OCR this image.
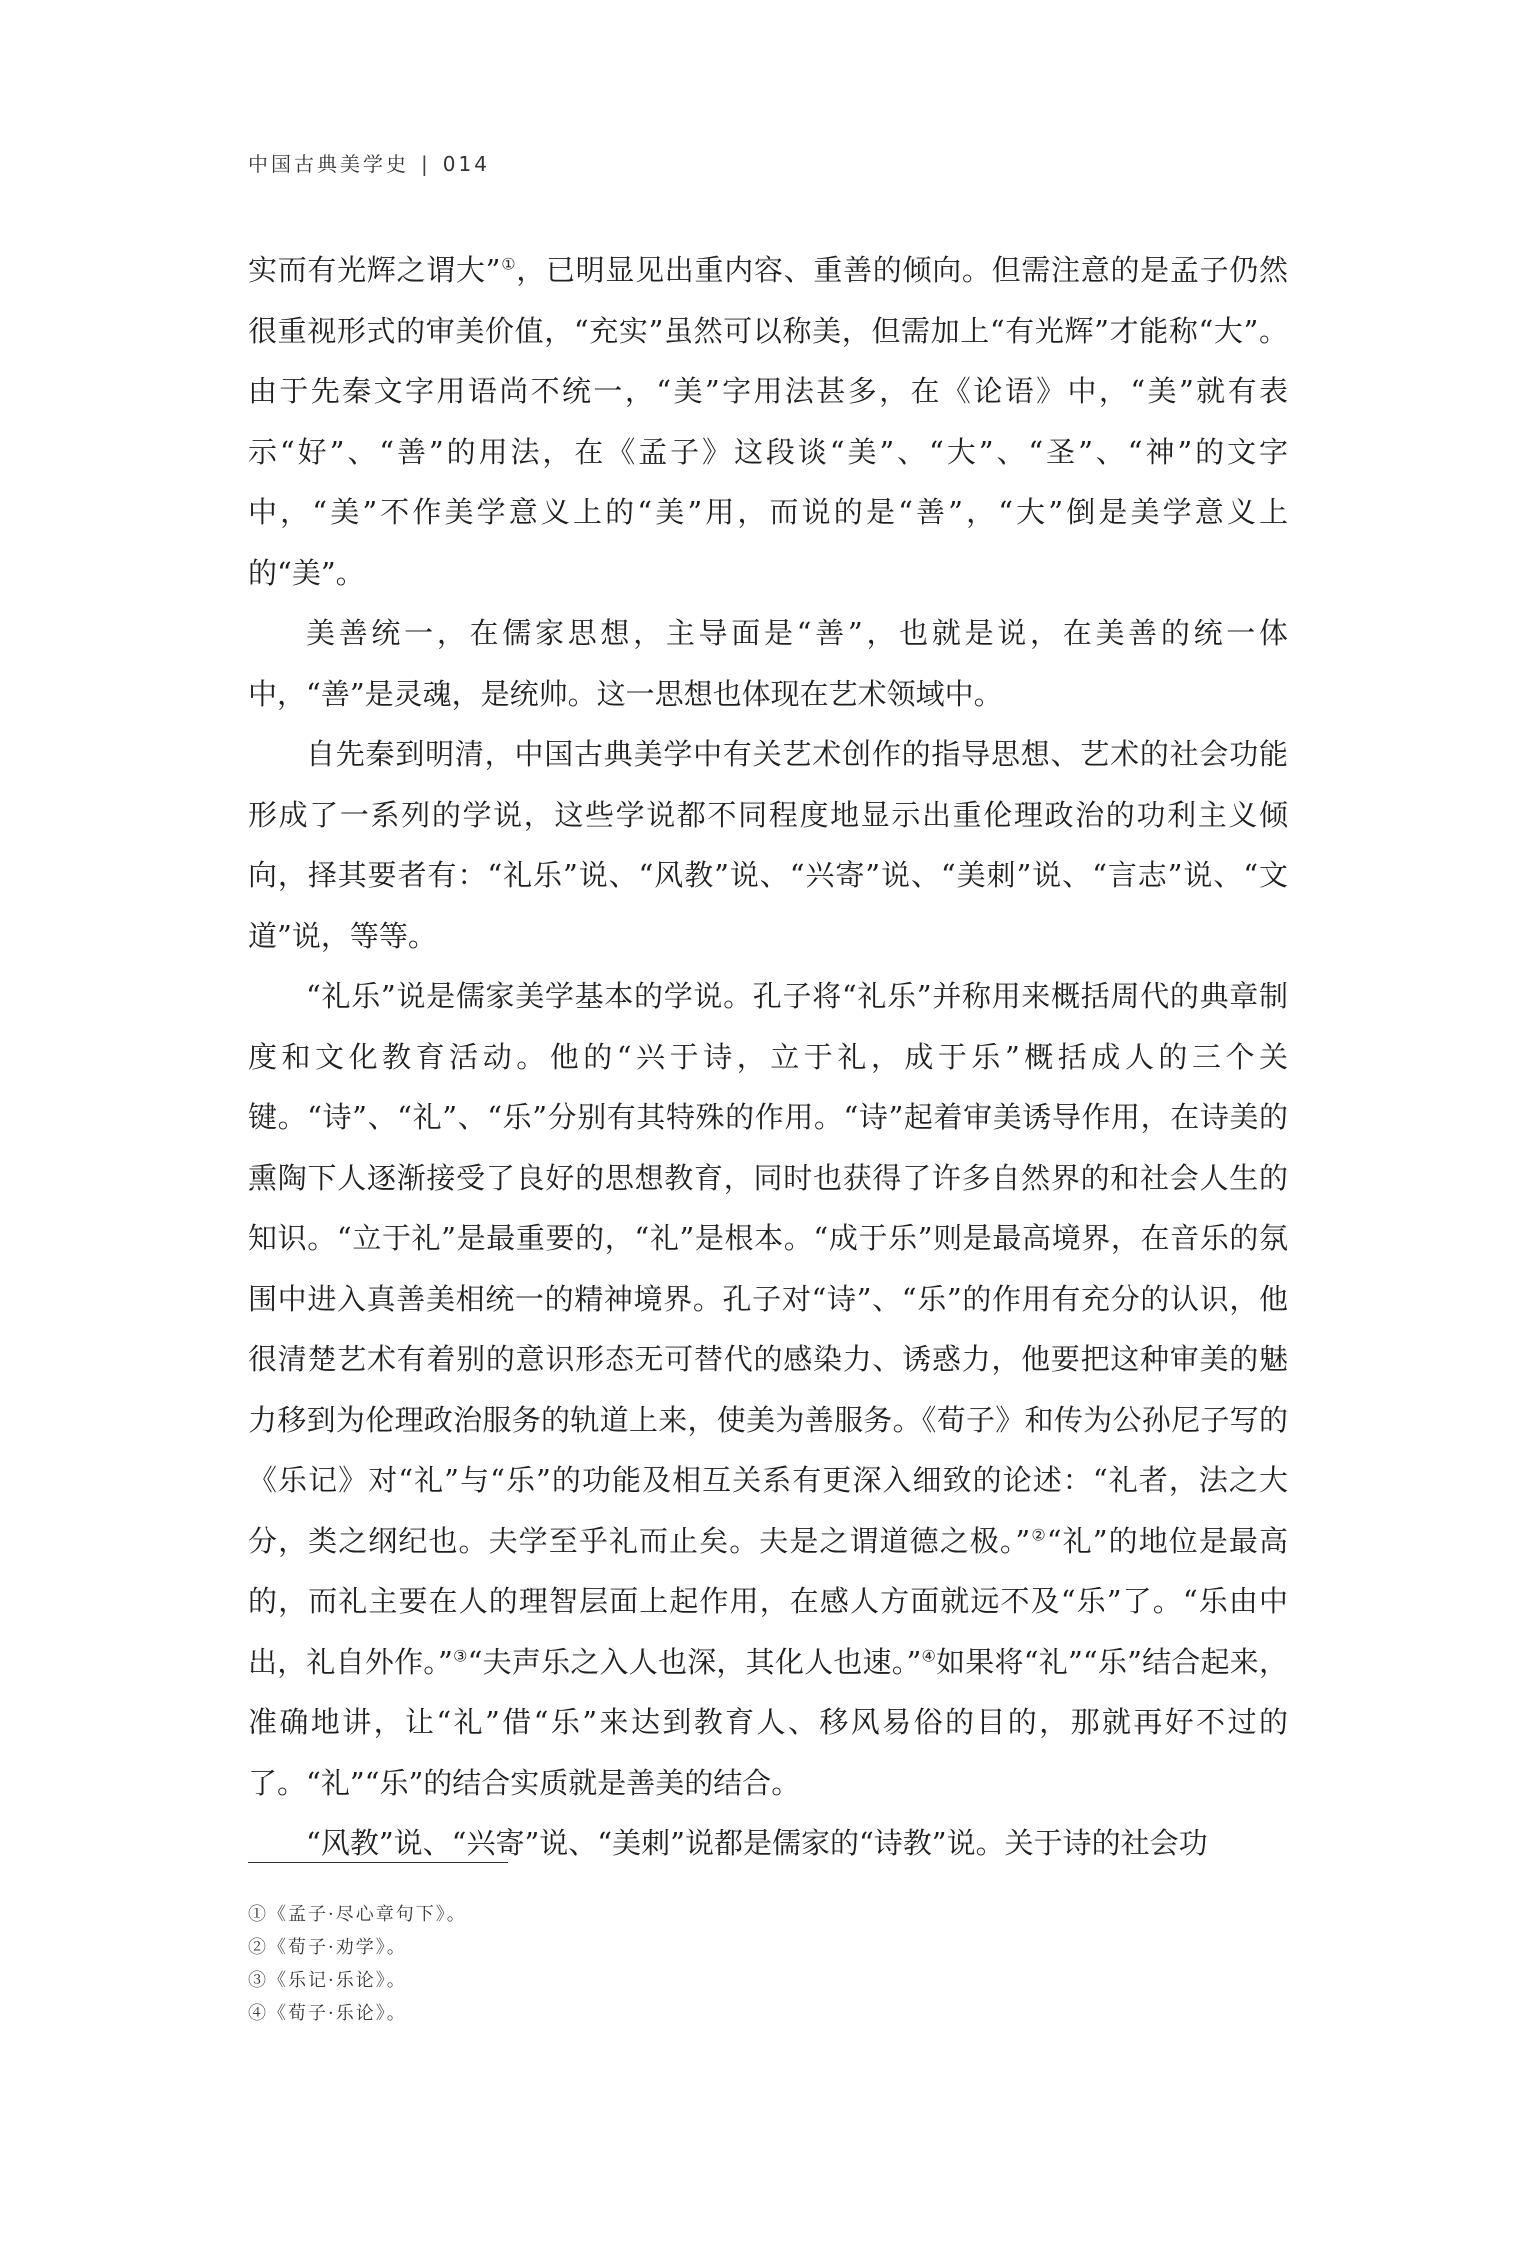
中国古典美学史 | 014

实而有光辉之谓大”①，已明显见出重内容、重善的倾向。但需注意的是孟子仍然很重视形式的审美价值，“充实”虽然可以称美，但需加上“有光辉”才能称“大”。由于先秦文字用语尚不统一，“美”字用法甚多，在《论语》中，“美”就有表示“好”、“善”的用法，在《孟子》这段谈“美”、“大”、“圣”、“神”的文字中，“美”不作美学意义上的“美”用，而说的是“善”，“大”倒是美学意义上的“美”。

美善统一，在儒家思想，主导面是“善”，也就是说，在美善的统一体中，“善”是灵魂，是统帅。这一思想也体现在艺术领域中。

自先秦到明清，中国古典美学中有关艺术创作的指导思想、艺术的社会功能形成了一系列的学说，这些学说都不同程度地显示出重伦理政治的功利主义倾向，择其要者有：“礼乐”说、“风教”说、“兴寄”说、“美刺”说、“言志”说、“文道”说，等等。

“礼乐”说是儒家美学基本的学说。孔子将“礼乐”并称用来概括周代的典章制度和文化教育活动。他的“兴于诗，立于礼，成于乐”概括成人的三个关键。“诗”、“礼”、“乐”分别有其特殊的作用。“诗”起着审美诱导作用，在诗美的熏陶下人逐渐接受了良好的思想教育，同时也获得了许多自然界的和社会人生的知识。“立于礼”是最重要的，“礼”是根本。“成于乐”则是最高境界，在音乐的氛围中进入真善美相统一的精神境界。孔子对“诗”、“乐”的作用有充分的认识，他很清楚艺术有着别的意识形态无可替代的感染力、诱惑力，他要把这种审美的魅力移到为伦理政治服务的轨道上来，使美为善服务。《荀子》和传为公孙尼子写的《乐记》对“礼”与“乐”的功能及相互关系有更深入细致的论述：“礼者，法之大分，类之纲纪也。夫学至乎礼而止矣。夫是之谓道德之极。”②“礼”的地位是最高的，而礼主要在人的理智层面上起作用，在感人方面就远不及“乐”了。“乐由中出，礼自外作。”③“夫声乐之入人也深，其化人也速。”④如果将“礼”“乐”结合起来，准确地讲，让“礼”借“乐”来达到教育人、移风易俗的目的，那就再好不过的了。“礼”“乐”的结合实质就是善美的结合。

“风教”说、“兴寄”说、“美刺”说都是儒家的“诗教”说。关于诗的社会功

①《孟子·尽心章句下》。
②《荀子·劝学》。
③《乐记·乐论》。
④《荀子·乐论》。
